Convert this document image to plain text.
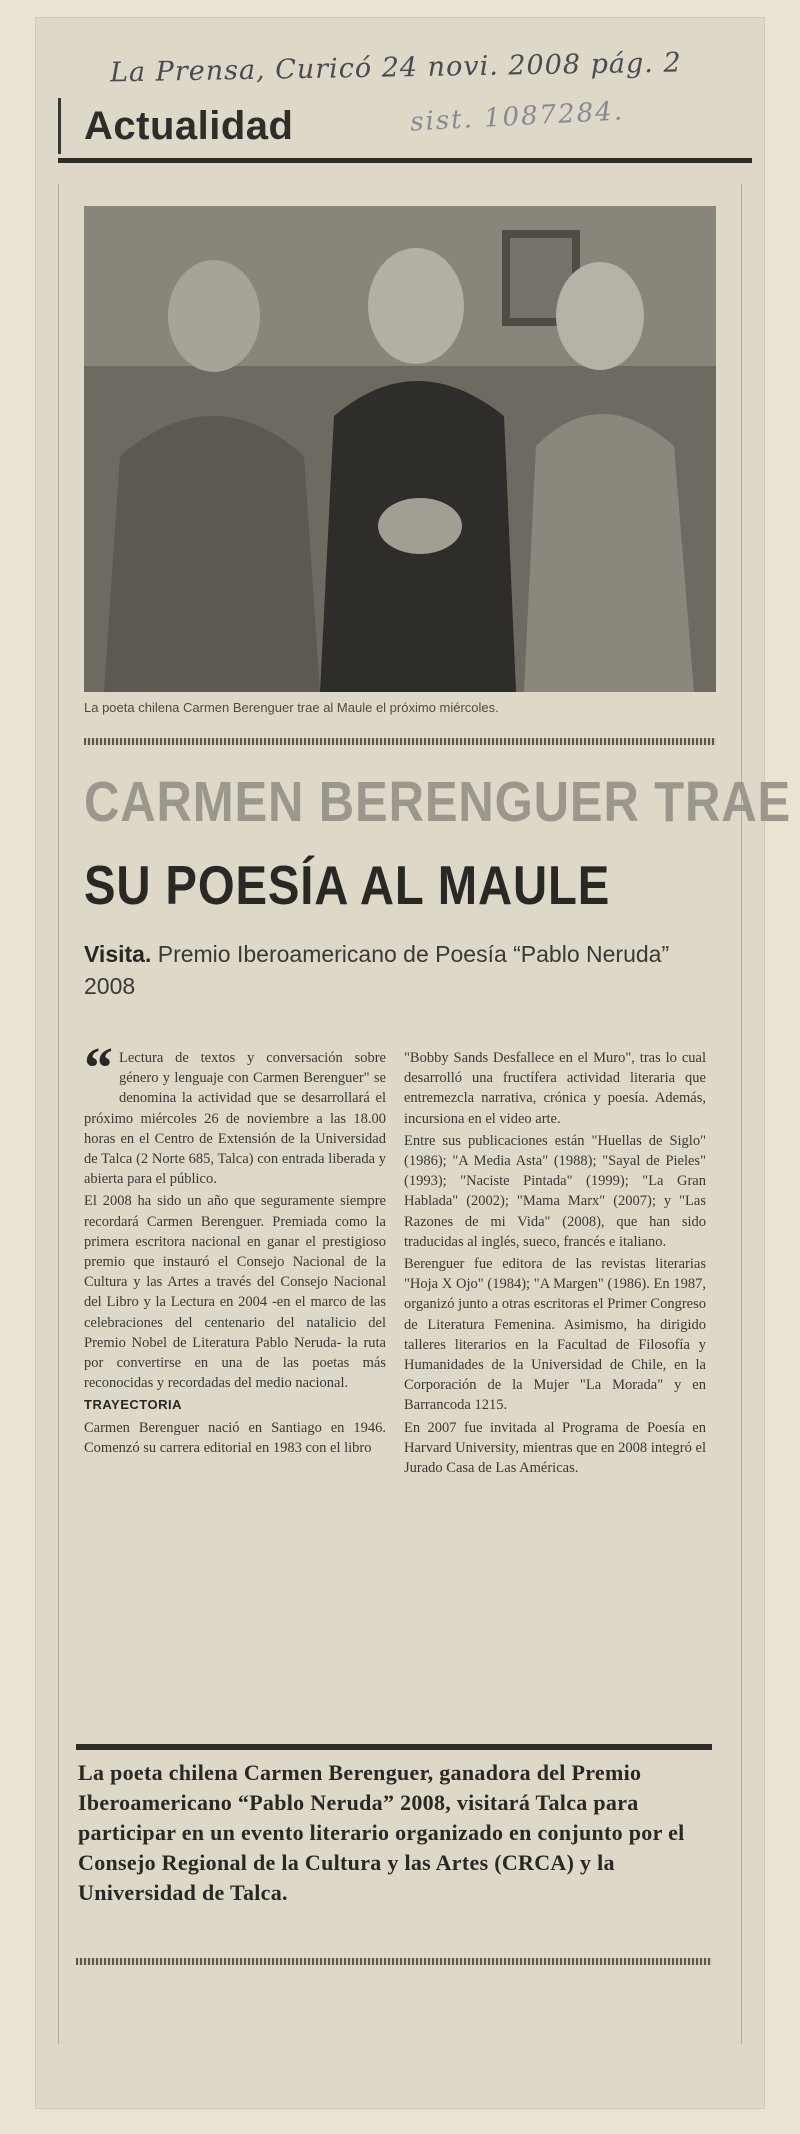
La Prensa, Curicó 24 novi. 2008 pág. 2
sist. 1087284.
Actualidad
La poeta chilena Carmen Berenguer trae al Maule el próximo miércoles.
CARMEN BERENGUER TRAE
SU POESÍA AL MAULE
Visita. Premio Iberoamericano de Poesía “Pablo Neruda” 2008
“ Lectura de textos y conversación sobre género y lenguaje con Carmen Berenguer" se denomina la actividad que se desarrollará el próximo miércoles 26 de noviembre a las 18.00 horas en el Centro de Extensión de la Universidad de Talca (2 Norte 685, Talca) con entrada liberada y abierta para el público.

El 2008 ha sido un año que seguramente siempre recordará Carmen Berenguer. Premiada como la primera escritora nacional en ganar el prestigioso premio que instauró el Consejo Nacional de la Cultura y las Artes a través del Consejo Nacional del Libro y la Lectura en 2004 -en el marco de las celebraciones del centenario del natalicio del Premio Nobel de Literatura Pablo Neruda- la ruta por convertirse en una de las poetas más reconocidas y recordadas del medio nacional.

TRAYECTORIA

Carmen Berenguer nació en Santiago en 1946. Comenzó su carrera editorial en 1983 con el libro

"Bobby Sands Desfallece en el Muro", tras lo cual desarrolló una fructífera actividad literaria que entremezcla narrativa, crónica y poesía. Además, incursiona en el video arte.

Entre sus publicaciones están "Huellas de Siglo" (1986); "A Media Asta" (1988); "Sayal de Pieles" (1993); "Naciste Pintada" (1999); "La Gran Hablada" (2002); "Mama Marx" (2007); y "Las Razones de mi Vida" (2008), que han sido traducidas al inglés, sueco, francés e italiano.

Berenguer fue editora de las revistas literarias "Hoja X Ojo" (1984); "A Margen" (1986). En 1987, organizó junto a otras escritoras el Primer Congreso de Literatura Femenina. Asimismo, ha dirigido talleres literarios en la Facultad de Filosofía y Humanidades de la Universidad de Chile, en la Corporación de la Mujer "La Morada" y en Barrancoda 1215.

En 2007 fue invitada al Programa de Poesía en Harvard University, mientras que en 2008 integró el Jurado Casa de Las Américas.

La poeta chilena Carmen Berenguer, ganadora del Premio Iberoamericano “Pablo Neruda” 2008, visitará Talca para participar en un evento literario organizado en conjunto por el Consejo Regional de la Cultura y las Artes (CRCA) y la Universidad de Talca.
